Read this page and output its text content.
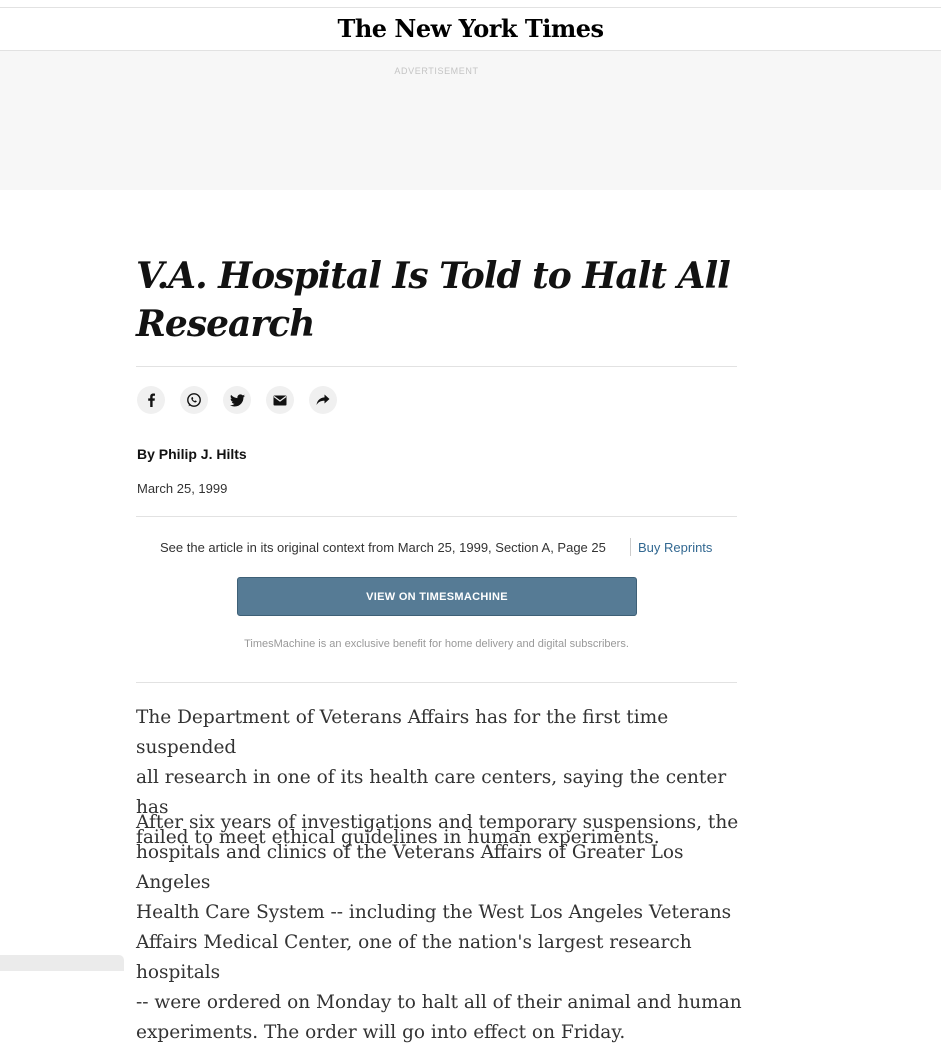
The New York Times
ADVERTISEMENT
V.A. Hospital Is Told to Halt All
Research
By Philip J. Hilts
March 25, 1999
See the article in its original context from March 25, 1999, Section A, Page 25 Buy Reprints
VIEW ON TIMESMACHINE
TimesMachine is an exclusive benefit for home delivery and digital subscribers.
The Department of Veterans Affairs has for the first time suspended
all research in one of its health care centers, saying the center has
failed to meet ethical guidelines in human experiments.
After six years of investigations and temporary suspensions, the
hospitals and clinics of the Veterans Affairs of Greater Los Angeles
Health Care System -- including the West Los Angeles Veterans
Affairs Medical Center, one of the nation's largest research hospitals
-- were ordered on Monday to halt all of their animal and human
experiments. The order will go into effect on Friday.
